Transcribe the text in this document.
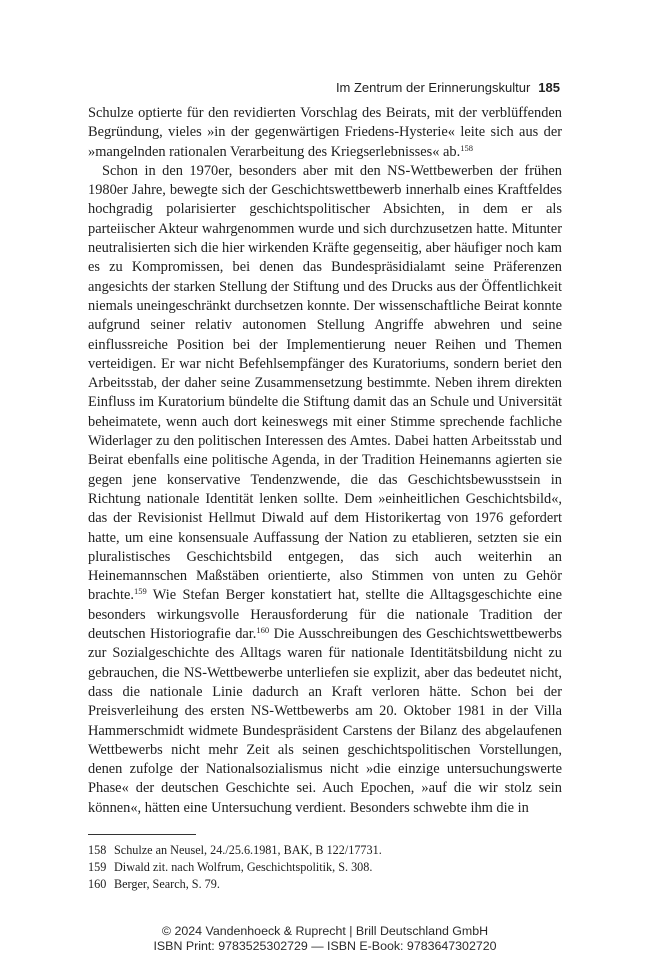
Im Zentrum der Erinnerungskultur 185

Schulze optierte für den revidierten Vorschlag des Beirats, mit der verblüffenden Begründung, vieles »in der gegenwärtigen Friedens-Hysterie« leite sich aus der »mangelnden rationalen Verarbeitung des Kriegserlebnisses« ab.$^{158}$

Schon in den 1970er, besonders aber mit den NS-Wettbewerben der frühen 1980er Jahre, bewegte sich der Geschichtswettbewerb innerhalb eines Kraftfeldes hochgradig polarisierter geschichtspolitischer Absichten, in dem er als parteiischer Akteur wahrgenommen wurde und sich durchzusetzen hatte. Mitunter neutralisierten sich die hier wirkenden Kräfte gegenseitig, aber häufiger noch kam es zu Kompromissen, bei denen das Bundespräsidialamt seine Präferenzen angesichts der starken Stellung der Stiftung und des Drucks aus der Öffentlichkeit niemals uneingeschränkt durchsetzen konnte. Der wissenschaftliche Beirat konnte aufgrund seiner relativ autonomen Stellung Angriffe abwehren und seine einflussreiche Position bei der Implementierung neuer Reihen und Themen verteidigen. Er war nicht Befehlsempfänger des Kuratoriums, sondern beriet den Arbeitsstab, der daher seine Zusammensetzung bestimmte. Neben ihrem direkten Einfluss im Kuratorium bündelte die Stiftung damit das an Schule und Universität beheimatete, wenn auch dort keineswegs mit einer Stimme sprechende fachliche Widerlager zu den politischen Interessen des Amtes. Dabei hatten Arbeitsstab und Beirat ebenfalls eine politische Agenda, in der Tradition Heinemanns agierten sie gegen jene konservative Tendenzwende, die das Geschichtsbewusstsein in Richtung nationale Identität lenken sollte. Dem »einheitlichen Geschichtsbild«, das der Revisionist Hellmut Diwald auf dem Historikertag von 1976 gefordert hatte, um eine konsensuale Auffassung der Nation zu etablieren, setzten sie ein pluralistisches Geschichtsbild entgegen, das sich auch weiterhin an Heinemannschen Maßstäben orientierte, also Stimmen von unten zu Gehör brachte.$^{159}$ Wie Stefan Berger konstatiert hat, stellte die Alltagsgeschichte eine besonders wirkungsvolle Herausforderung für die nationale Tradition der deutschen Historiografie dar.$^{160}$ Die Ausschreibungen des Geschichtswettbewerbs zur Sozialgeschichte des Alltags waren für nationale Identitätsbildung nicht zu gebrauchen, die NS-Wettbewerbe unterliefen sie explizit, aber das bedeutet nicht, dass die nationale Linie dadurch an Kraft verloren hätte. Schon bei der Preisverleihung des ersten NS-Wettbewerbs am 20. Oktober 1981 in der Villa Hammerschmidt widmete Bundespräsident Carstens der Bilanz des abgelaufenen Wettbewerbs nicht mehr Zeit als seinen geschichtspolitischen Vorstellungen, denen zufolge der Nationalsozialismus nicht »die einzige untersuchungswerte Phase« der deutschen Geschichte sei. Auch Epochen, »auf die wir stolz sein können«, hätten eine Untersuchung verdient. Besonders schwebte ihm die in

158 Schulze an Neusel, 24./25.6.1981, BAK, B 122/17731.

159 Diwald zit. nach Wolfrum, Geschichtspolitik, S. 308.

160 Berger, Search, S. 79.

© 2024 Vandenhoeck & Ruprecht | Brill Deutschland GmbH
ISBN Print: 9783525302729 — ISBN E-Book: 9783647302720
